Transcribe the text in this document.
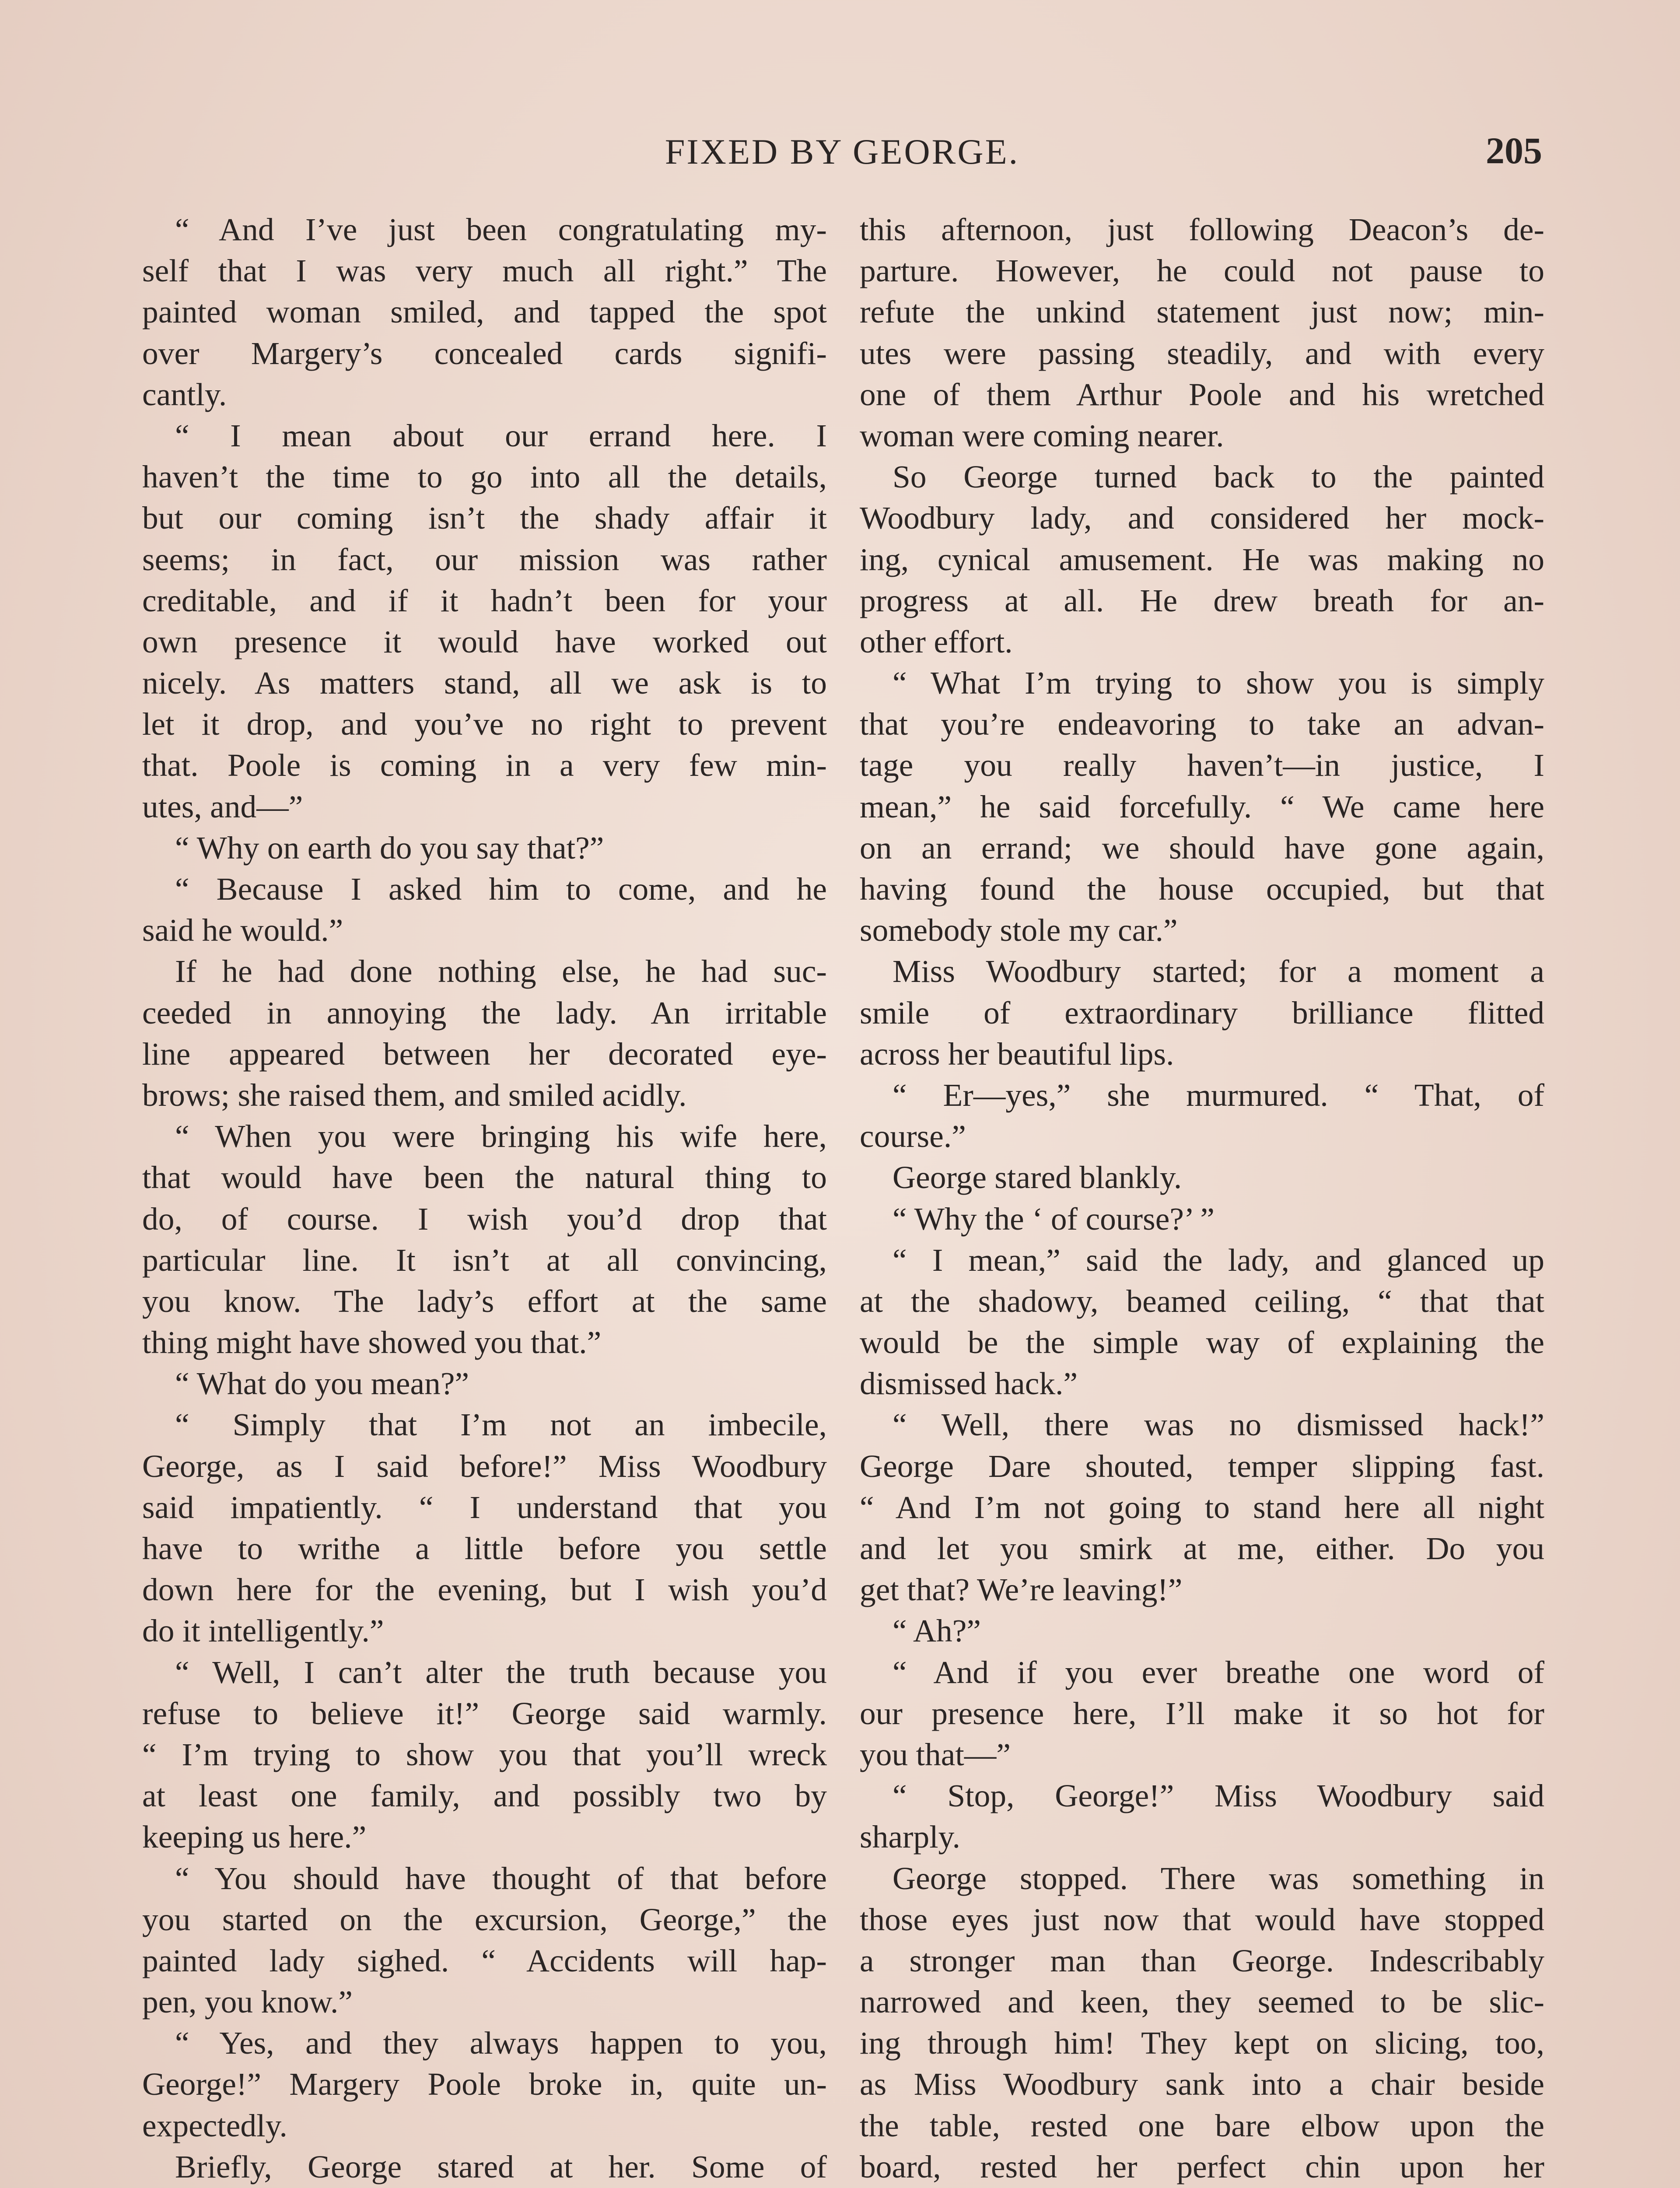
FIXED BY GEORGE.	205
“ And I’ve just been congratulating my-
self that I was very much all right.” The
painted woman smiled, and tapped the spot
over Margery’s concealed cards signifi-
cantly.
“ I mean about our errand here. I
haven’t the time to go into all the details,
but our coming isn’t the shady affair it
seems; in fact, our mission was rather
creditable, and if it hadn’t been for your
own presence it would have worked out
nicely. As matters stand, all we ask is to
let it drop, and you’ve no right to prevent
that. Poole is coming in a very few min-
utes, and—”
“ Why on earth do you say that?”
“ Because I asked him to come, and he
said he would.”
If he had done nothing else, he had suc-
ceeded in annoying the lady. An irritable
line appeared between her decorated eye-
brows; she raised them, and smiled acidly.
“ When you were bringing his wife here,
that would have been the natural thing to
do, of course. I wish you’d drop that
particular line. It isn’t at all convincing,
you know. The lady’s effort at the same
thing might have showed you that.”
“ What do you mean?”
“ Simply that I’m not an imbecile,
George, as I said before!” Miss Woodbury
said impatiently. “ I understand that you
have to writhe a little before you settle
down here for the evening, but I wish you’d
do it intelligently.”
“ Well, I can’t alter the truth because you
refuse to believe it!” George said warmly.
“ I’m trying to show you that you’ll wreck
at least one family, and possibly two by
keeping us here.”
“ You should have thought of that before
you started on the excursion, George,” the
painted lady sighed. “ Accidents will hap-
pen, you know.”
“ Yes, and they always happen to you,
George!” Margery Poole broke in, quite un-
expectedly.
Briefly, George stared at her. Some of
this afternoon, just following Deacon’s de-
parture. However, he could not pause to
refute the unkind statement just now; min-
utes were passing steadily, and with every
one of them Arthur Poole and his wretched
woman were coming nearer.
So George turned back to the painted
Woodbury lady, and considered her mock-
ing, cynical amusement. He was making no
progress at all. He drew breath for an-
other effort.
“ What I’m trying to show you is simply
that you’re endeavoring to take an advan-
tage you really haven’t—in justice, I
mean,” he said forcefully. “ We came here
on an errand; we should have gone again,
having found the house occupied, but that
somebody stole my car.”
Miss Woodbury started; for a moment a
smile of extraordinary brilliance flitted
across her beautiful lips.
“ Er—yes,” she murmured. “ That, of
course.”
George stared blankly.
“ Why the ‘ of course?’ ”
“ I mean,” said the lady, and glanced up
at the shadowy, beamed ceiling, “ that that
would be the simple way of explaining the
dismissed hack.”
“ Well, there was no dismissed hack!”
George Dare shouted, temper slipping fast.
“ And I’m not going to stand here all night
and let you smirk at me, either. Do you
get that? We’re leaving!”
“ Ah?”
“ And if you ever breathe one word of
our presence here, I’ll make it so hot for
you that—”
“ Stop, George!” Miss Woodbury said
sharply.
George stopped. There was something in
those eyes just now that would have stopped
a stronger man than George. Indescribably
narrowed and keen, they seemed to be slic-
ing through him! They kept on slicing, too,
as Miss Woodbury sank into a chair beside
the table, rested one bare elbow upon the
board, rested her perfect chin upon her
